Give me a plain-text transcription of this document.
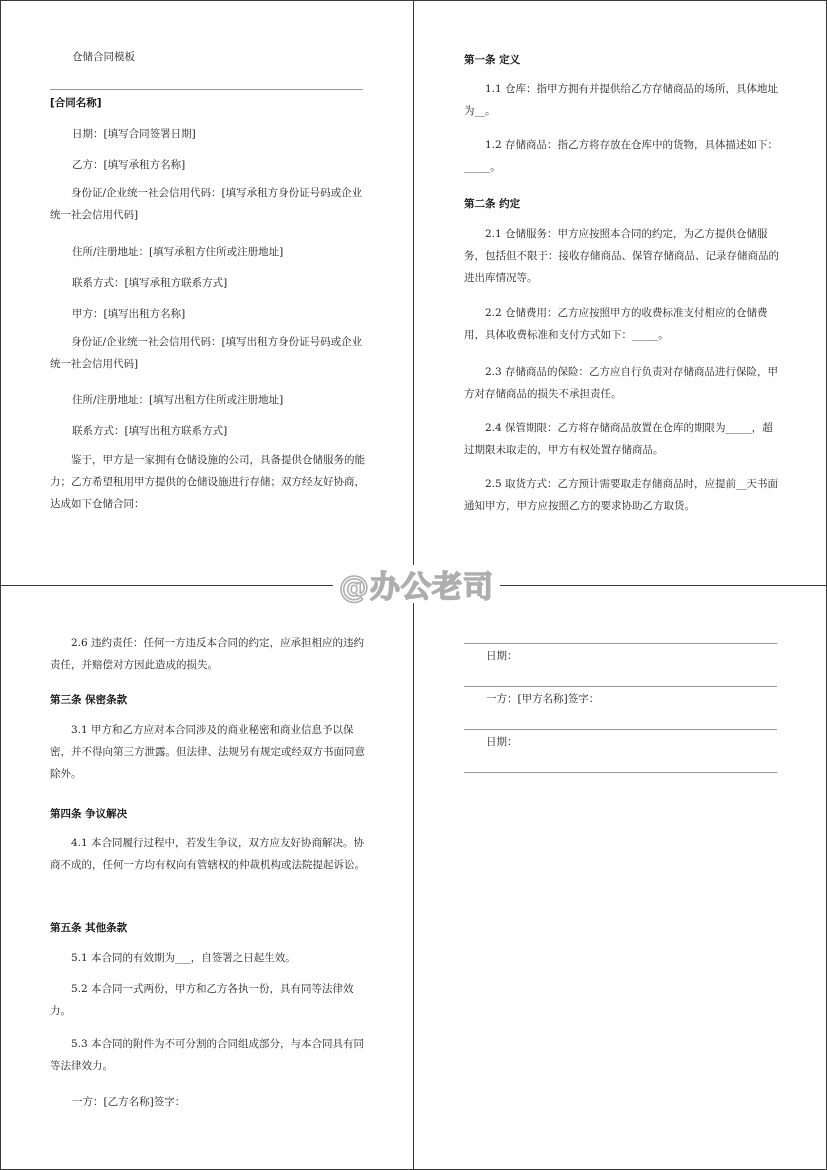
仓储合同模板

[合同名称]

日期：[填写合同签署日期]

乙方：[填写承租方名称]

身份证/企业统一社会信用代码：[填写承租方身份证号码或企业统一社会信用代码]

住所/注册地址：[填写承租方住所或注册地址]

联系方式：[填写承租方联系方式]

甲方：[填写出租方名称]

身份证/企业统一社会信用代码：[填写出租方身份证号码或企业统一社会信用代码]

住所/注册地址：[填写出租方住所或注册地址]

联系方式：[填写出租方联系方式]

鉴于，甲方是一家拥有仓储设施的公司，具备提供仓储服务的能力；乙方希望租用甲方提供的仓储设施进行存储；双方经友好协商，达成如下仓储合同：

第一条 定义

1.1 仓库：指甲方拥有并提供给乙方存储商品的场所，具体地址为__。

1.2 存储商品：指乙方将存放在仓库中的货物，具体描述如下：_____。

第二条 约定

2.1 仓储服务：甲方应按照本合同的约定，为乙方提供仓储服务，包括但不限于：接收存储商品、保管存储商品、记录存储商品的进出库情况等。

2.2 仓储费用：乙方应按照甲方的收费标准支付相应的仓储费用，具体收费标准和支付方式如下：_____。

2.3 存储商品的保险：乙方应自行负责对存储商品进行保险，甲方对存储商品的损失不承担责任。

2.4 保管期限：乙方将存储商品放置在仓库的期限为_____，超过期限未取走的，甲方有权处置存储商品。

2.5 取货方式：乙方预计需要取走存储商品时，应提前__天书面通知甲方，甲方应按照乙方的要求协助乙方取货。

2.6 违约责任：任何一方违反本合同的约定，应承担相应的违约责任，并赔偿对方因此造成的损失。

第三条 保密条款

3.1 甲方和乙方应对本合同涉及的商业秘密和商业信息予以保密，并不得向第三方泄露。但法律、法规另有规定或经双方书面同意除外。

第四条 争议解决

4.1 本合同履行过程中，若发生争议，双方应友好协商解决。协商不成的，任何一方均有权向有管辖权的仲裁机构或法院提起诉讼。

第五条 其他条款

5.1 本合同的有效期为___，自签署之日起生效。

5.2 本合同一式两份，甲方和乙方各执一份，具有同等法律效力。

5.3 本合同的附件为不可分割的合同组成部分，与本合同具有同等法律效力。

一方：[乙方名称]签字：

日期：

一方：[甲方名称]签字：

日期：

@办公老司
